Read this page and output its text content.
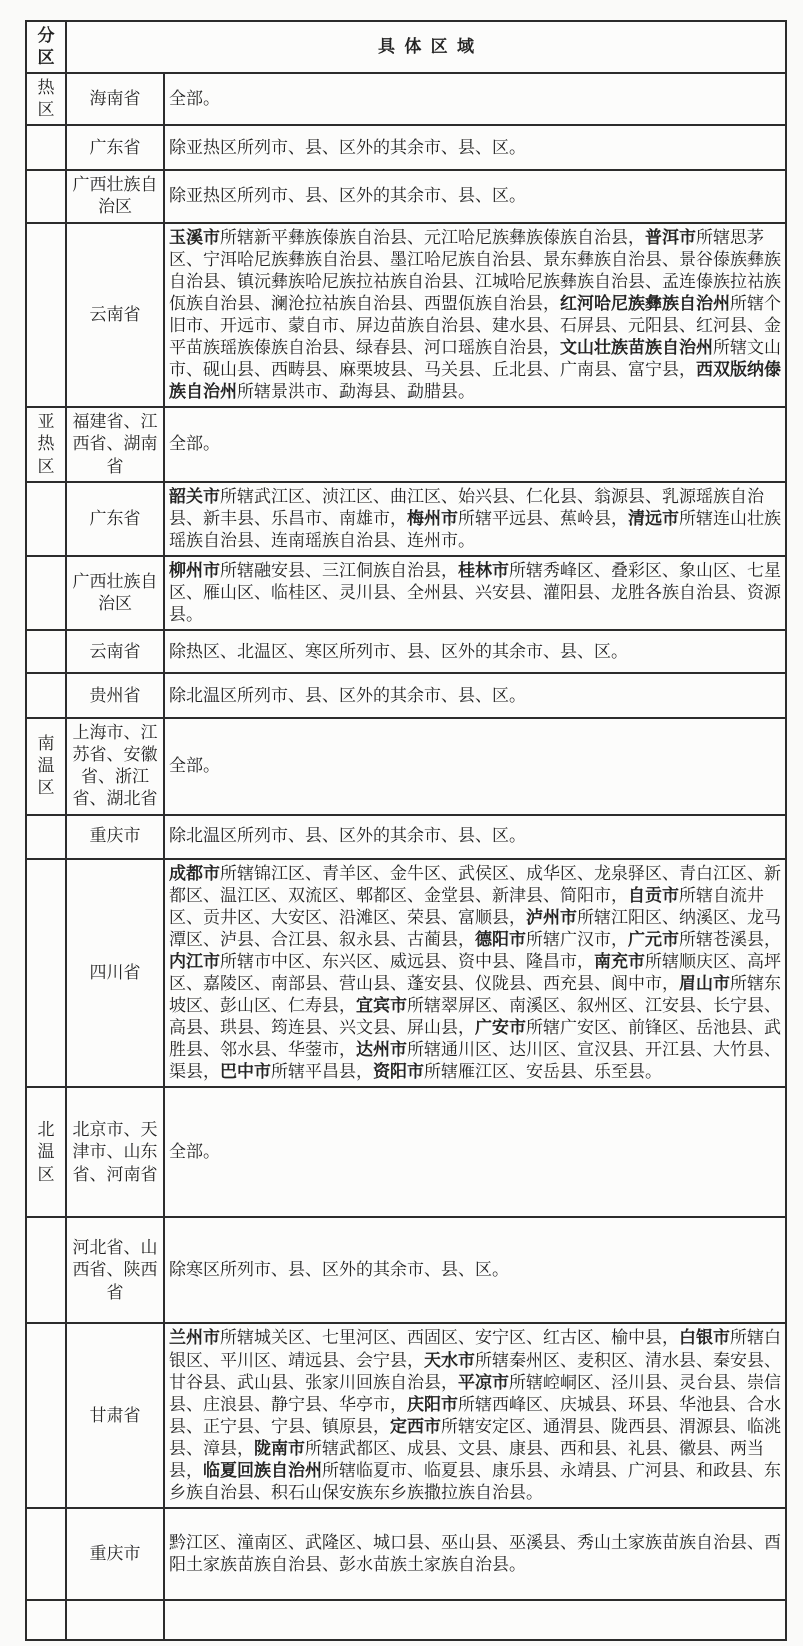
分区	具体区域	
热区	海南省	全部。
	广东省	除亚热区所列市、县、区外的其余市、县、区。
	广西壮族自治区	除亚热区所列市、县、区外的其余市、县、区。
	云南省	玉溪市所辖新平彝族傣族自治县、元江哈尼族彝族傣族自治县，普洱市所辖思茅区、宁洱哈尼族彝族自治县、墨江哈尼族自治县、景东彝族自治县、景谷傣族彝族自治县、镇沅彝族哈尼族拉祜族自治县、江城哈尼族彝族自治县、孟连傣族拉祜族佤族自治县、澜沧拉祜族自治县、西盟佤族自治县，红河哈尼族彝族自治州所辖个旧市、开远市、蒙自市、屏边苗族自治县、建水县、石屏县、元阳县、红河县、金平苗族瑶族傣族自治县、绿春县、河口瑶族自治县，文山壮族苗族自治州所辖文山市、砚山县、西畴县、麻栗坡县、马关县、丘北县、广南县、富宁县，西双版纳傣族自治州所辖景洪市、勐海县、勐腊县。
亚热区	福建省、江西省、湖南省	全部。
	广东省	韶关市所辖武江区、浈江区、曲江区、始兴县、仁化县、翁源县、乳源瑶族自治县、新丰县、乐昌市、南雄市，梅州市所辖平远县、蕉岭县，清远市所辖连山壮族瑶族自治县、连南瑶族自治县、连州市。
	广西壮族自治区	柳州市所辖融安县、三江侗族自治县，桂林市所辖秀峰区、叠彩区、象山区、七星区、雁山区、临桂区、灵川县、全州县、兴安县、灌阳县、龙胜各族自治县、资源县。
	云南省	除热区、北温区、寒区所列市、县、区外的其余市、县、区。
	贵州省	除北温区所列市、县、区外的其余市、县、区。
南温区	上海市、江苏省、安徽省、浙江省、湖北省	全部。
	重庆市	除北温区所列市、县、区外的其余市、县、区。
	四川省	成都市所辖锦江区、青羊区、金牛区、武侯区、成华区、龙泉驿区、青白江区、新都区、温江区、双流区、郫都区、金堂县、新津县、简阳市，自贡市所辖自流井区、贡井区、大安区、沿滩区、荣县、富顺县，泸州市所辖江阳区、纳溪区、龙马潭区、泸县、合江县、叙永县、古蔺县，德阳市所辖广汉市，广元市所辖苍溪县，内江市所辖市中区、东兴区、威远县、资中县、隆昌市，南充市所辖顺庆区、高坪区、嘉陵区、南部县、营山县、蓬安县、仪陇县、西充县、阆中市，眉山市所辖东坡区、彭山区、仁寿县，宜宾市所辖翠屏区、南溪区、叙州区、江安县、长宁县、高县、珙县、筠连县、兴文县、屏山县，广安市所辖广安区、前锋区、岳池县、武胜县、邻水县、华蓥市，达州市所辖通川区、达川区、宣汉县、开江县、大竹县、渠县，巴中市所辖平昌县，资阳市所辖雁江区、安岳县、乐至县。
北温区	北京市、天津市、山东省、河南省	全部。
	河北省、山西省、陕西省	除寒区所列市、县、区外的其余市、县、区。
	甘肃省	兰州市所辖城关区、七里河区、西固区、安宁区、红古区、榆中县，白银市所辖白银区、平川区、靖远县、会宁县，天水市所辖秦州区、麦积区、清水县、秦安县、甘谷县、武山县、张家川回族自治县，平凉市所辖崆峒区、泾川县、灵台县、崇信县、庄浪县、静宁县、华亭市，庆阳市所辖西峰区、庆城县、环县、华池县、合水县、正宁县、宁县、镇原县，定西市所辖安定区、通渭县、陇西县、渭源县、临洮县、漳县，陇南市所辖武都区、成县、文县、康县、西和县、礼县、徽县、两当县，临夏回族自治州所辖临夏市、临夏县、康乐县、永靖县、广河县、和政县、东乡族自治县、积石山保安族东乡族撒拉族自治县。
	重庆市	黔江区、潼南区、武隆区、城口县、巫山县、巫溪县、秀山土家族苗族自治县、酉阳土家族苗族自治县、彭水苗族土家族自治县。
